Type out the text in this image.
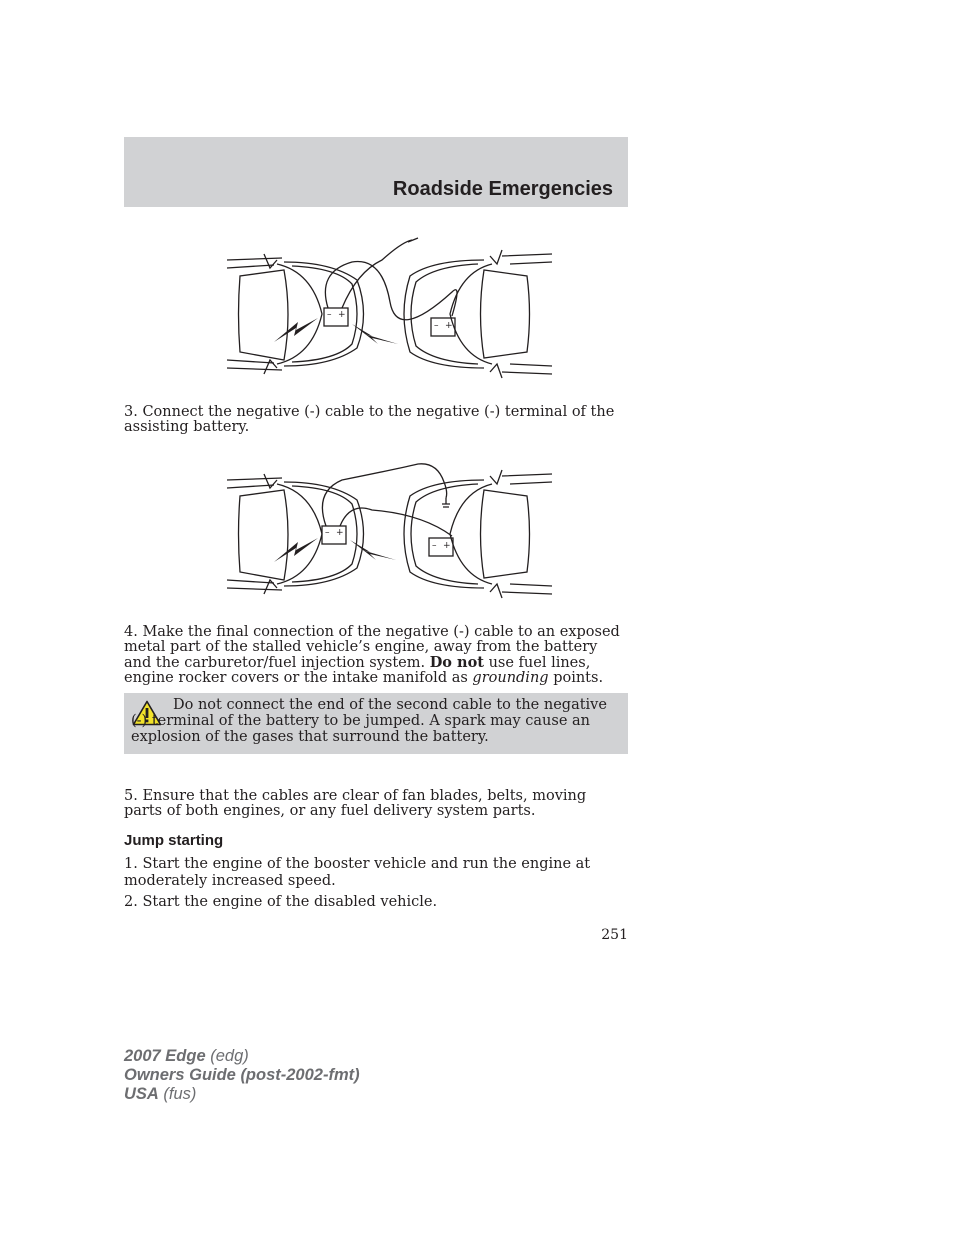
Roadside Emergencies
– +
– +

3. Connect the negative (-) cable to the negative (-) terminal of the assisting battery.

– +
– +

4. Make the final connection of the negative (-) cable to an exposed metal part of the stalled vehicle’s engine, away from the battery and the carburetor/fuel injection system. Do not use fuel lines, engine rocker covers or the intake manifold as grounding points.

Do not connect the end of the second cable to the negative (-) terminal of the battery to be jumped. A spark may cause an explosion of the gases that surround the battery.

5. Ensure that the cables are clear of fan blades, belts, moving parts of both engines, or any fuel delivery system parts.

Jump starting

1. Start the engine of the booster vehicle and run the engine at moderately increased speed.

2. Start the engine of the disabled vehicle.

251
2007 Edge (edg)
Owners Guide (post-2002-fmt)
USA (fus)
